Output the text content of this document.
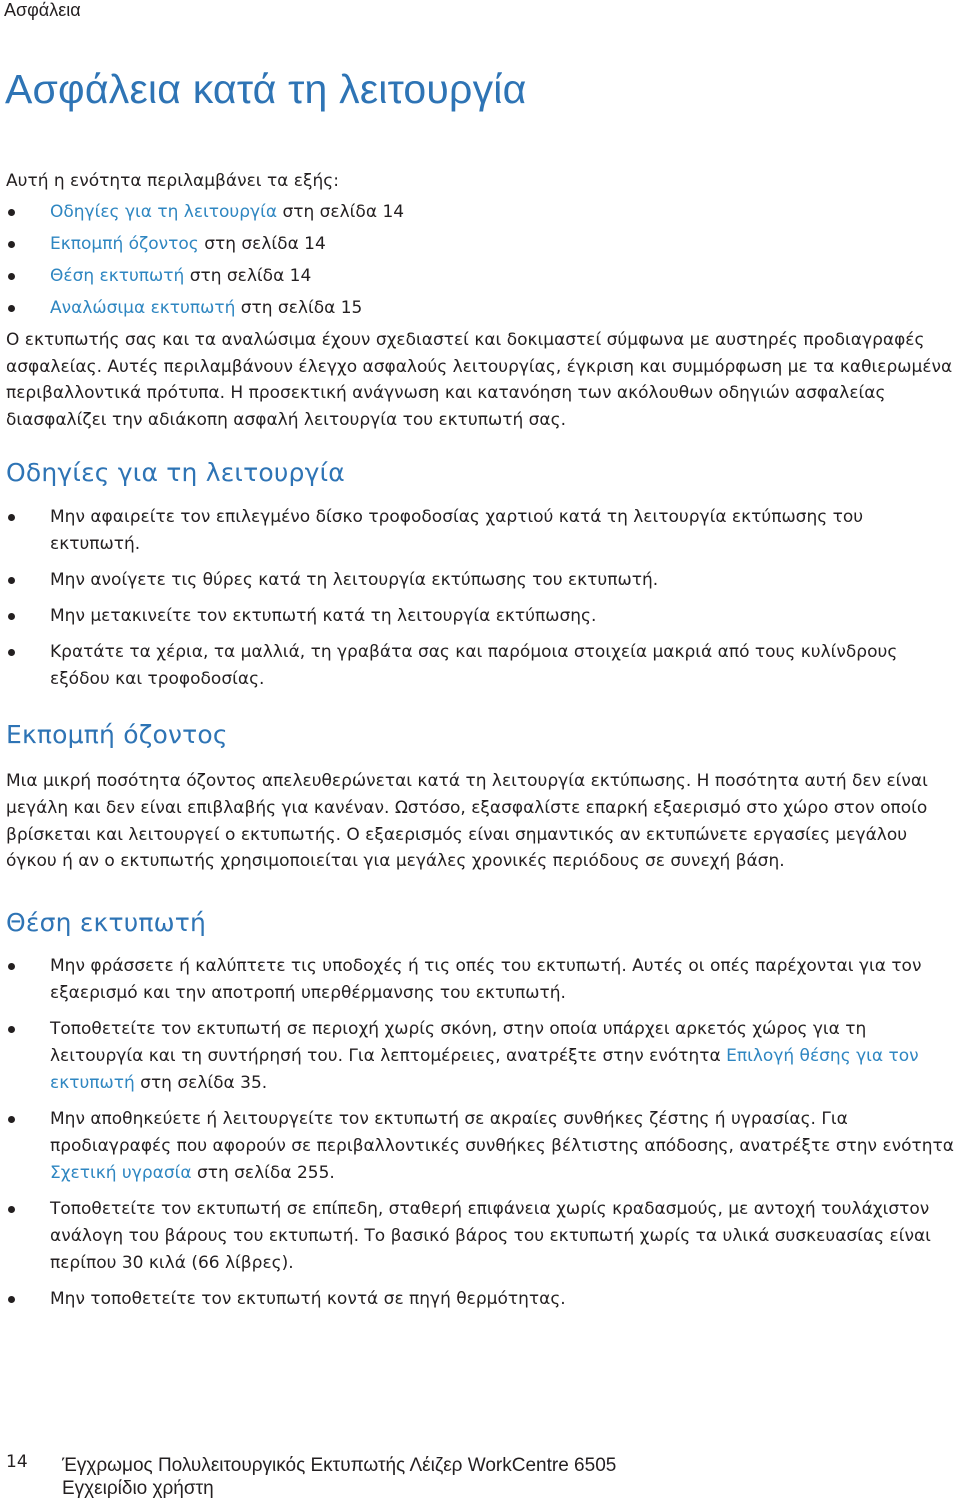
Ασφάλεια
Ασφάλεια κατά τη λειτουργία

Αυτή η ενότητα περιλαμβάνει τα εξής:

Οδηγίες για τη λειτουργία στη σελίδα 14
Εκπομπή όζοντος στη σελίδα 14
Θέση εκτυπωτή στη σελίδα 14
Αναλώσιμα εκτυπωτή στη σελίδα 15

Ο εκτυπωτής σας και τα αναλώσιμα έχουν σχεδιαστεί και δοκιμαστεί σύμφωνα με αυστηρές προδιαγραφές ασφαλείας. Αυτές περιλαμβάνουν έλεγχο ασφαλούς λειτουργίας, έγκριση και συμμόρφωση με τα καθιερωμένα περιβαλλοντικά πρότυπα. Η προσεκτική ανάγνωση και κατανόηση των ακόλουθων οδηγιών ασφαλείας διασφαλίζει την αδιάκοπη ασφαλή λειτουργία του εκτυπωτή σας.

Οδηγίες για τη λειτουργία
Μην αφαιρείτε τον επιλεγμένο δίσκο τροφοδοσίας χαρτιού κατά τη λειτουργία εκτύπωσης του εκτυπωτή.
Μην ανοίγετε τις θύρες κατά τη λειτουργία εκτύπωσης του εκτυπωτή.
Μην μετακινείτε τον εκτυπωτή κατά τη λειτουργία εκτύπωσης.
Κρατάτε τα χέρια, τα μαλλιά, τη γραβάτα σας και παρόμοια στοιχεία μακριά από τους κυλίνδρους εξόδου και τροφοδοσίας.
Εκπομπή όζοντος

Μια μικρή ποσότητα όζοντος απελευθερώνεται κατά τη λειτουργία εκτύπωσης. Η ποσότητα αυτή δεν είναι μεγάλη και δεν είναι επιβλαβής για κανέναν. Ωστόσο, εξασφαλίστε επαρκή εξαερισμό στο χώρο στον οποίο βρίσκεται και λειτουργεί ο εκτυπωτής. Ο εξαερισμός είναι σημαντικός αν εκτυπώνετε εργασίες μεγάλου όγκου ή αν ο εκτυπωτής χρησιμοποιείται για μεγάλες χρονικές περιόδους σε συνεχή βάση.

Θέση εκτυπωτή
Μην φράσσετε ή καλύπτετε τις υποδοχές ή τις οπές του εκτυπωτή. Αυτές οι οπές παρέχονται για τον εξαερισμό και την αποτροπή υπερθέρμανσης του εκτυπωτή.
Τοποθετείτε τον εκτυπωτή σε περιοχή χωρίς σκόνη, στην οποία υπάρχει αρκετός χώρος για τη λειτουργία και τη συντήρησή του. Για λεπτομέρειες, ανατρέξτε στην ενότητα Επιλογή θέσης για τον εκτυπωτή στη σελίδα 35.
Μην αποθηκεύετε ή λειτουργείτε τον εκτυπωτή σε ακραίες συνθήκες ζέστης ή υγρασίας. Για προδιαγραφές που αφορούν σε περιβαλλοντικές συνθήκες βέλτιστης απόδοσης, ανατρέξτε στην ενότητα Σχετική υγρασία στη σελίδα 255.
Τοποθετείτε τον εκτυπωτή σε επίπεδη, σταθερή επιφάνεια χωρίς κραδασμούς, με αντοχή τουλάχιστον ανάλογη του βάρους του εκτυπωτή. Το βασικό βάρος του εκτυπωτή χωρίς τα υλικά συσκευασίας είναι περίπου 30 κιλά (66 λίβρες).
Μην τοποθετείτε τον εκτυπωτή κοντά σε πηγή θερμότητας.
14 Έγχρωμος Πολυλειτουργικός Εκτυπωτής Λέιζερ WorkCentre 6505
Εγχειρίδιο χρήστη
